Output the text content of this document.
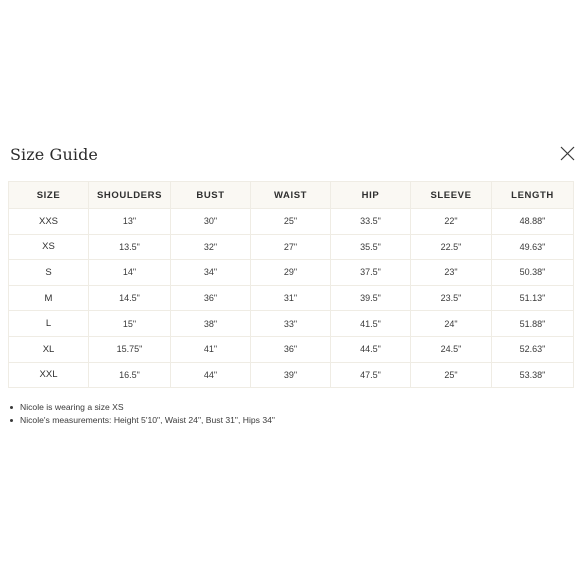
Size Guide
SIZE	SHOULDERS	BUST	WAIST	HIP	SLEEVE	LENGTH
XXS	13"	30"	25"	33.5"	22"	48.88"
XS	13.5"	32"	27"	35.5"	22.5"	49.63"
S	14"	34"	29"	37.5"	23"	50.38"
M	14.5"	36"	31"	39.5"	23.5"	51.13"
L	15"	38"	33"	41.5"	24"	51.88"
XL	15.75"	41"	36"	44.5"	24.5"	52.63"
XXL	16.5"	44"	39"	47.5"	25"	53.38"
Nicole is wearing a size XS
Nicole's measurements: Height 5'10", Waist 24", Bust 31", Hips 34"
